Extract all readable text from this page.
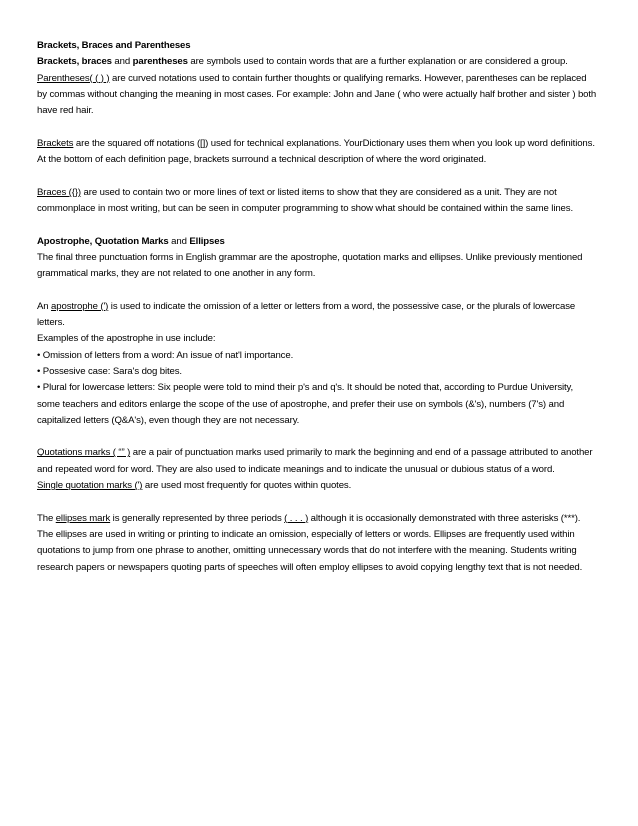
Brackets, Braces and Parentheses

Brackets, braces and parentheses are symbols used to contain words that are a further explanation or are considered a group.

Parentheses( ( ) ) are curved notations used to contain further thoughts or qualifying remarks. However, parentheses can be replaced by commas without changing the meaning in most cases. For example: John and Jane ( who were actually half brother and sister ) both have red hair.

Brackets are the squared off notations ([]) used for technical explanations. YourDictionary uses them when you look up word definitions. At the bottom of each definition page, brackets surround a technical description of where the word originated.

Braces ({}) are used to contain two or more lines of text or listed items to show that they are considered as a unit. They are not commonplace in most writing, but can be seen in computer programming to show what should be contained within the same lines.

Apostrophe, Quotation Marks and Ellipses

The final three punctuation forms in English grammar are the apostrophe, quotation marks and ellipses. Unlike previously mentioned grammatical marks, they are not related to one another in any form.

An apostrophe (') is used to indicate the omission of a letter or letters from a word, the possessive case, or the plurals of lowercase letters.

Examples of the apostrophe in use include:

• Omission of letters from a word: An issue of nat'l importance.

• Possesive case: Sara's dog bites.

• Plural for lowercase letters: Six people were told to mind their p's and q's. It should be noted that, according to Purdue University, some teachers and editors enlarge the scope of the use of apostrophe, and prefer their use on symbols (&'s), numbers (7's) and capitalized letters (Q&A's), even though they are not necessary.

Quotations marks ( “” ) are a pair of punctuation marks used primarily to mark the beginning and end of a passage attributed to another and repeated word for word. They are also used to indicate meanings and to indicate the unusual or dubious status of a word.

Single quotation marks (') are used most frequently for quotes within quotes.

The ellipses mark is generally represented by three periods ( . . . ) although it is occasionally demonstrated with three asterisks (***). The ellipses are used in writing or printing to indicate an omission, especially of letters or words. Ellipses are frequently used within quotations to jump from one phrase to another, omitting unnecessary words that do not interfere with the meaning. Students writing research papers or newspapers quoting parts of speeches will often employ ellipses to avoid copying lengthy text that is not needed.
